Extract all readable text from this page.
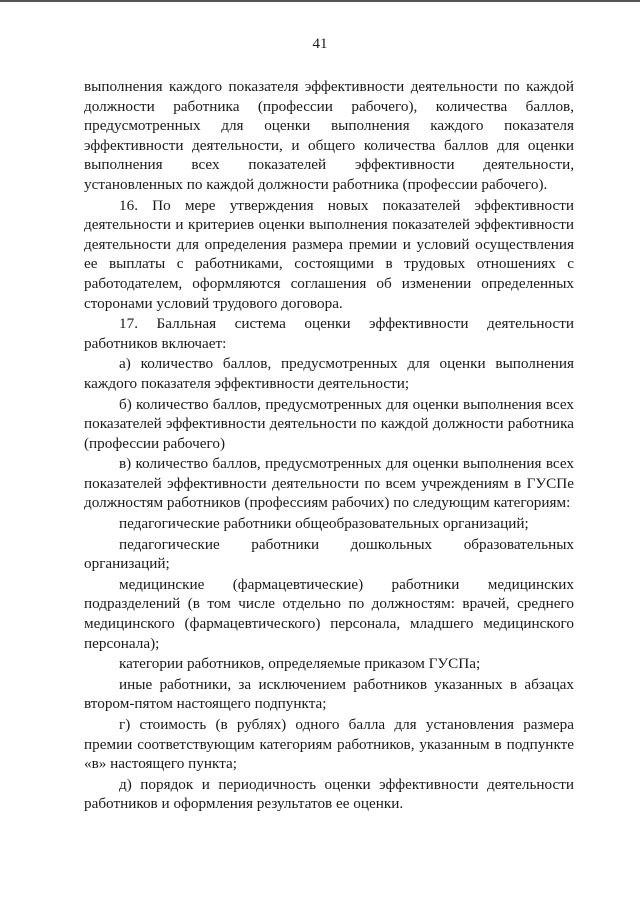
41

выполнения каждого показателя эффективности деятельности по каждой должности работника (профессии рабочего), количества баллов, предусмотренных для оценки выполнения каждого показателя эффективности деятельности, и общего количества баллов для оценки выполнения всех показателей эффективности деятельности, установленных по каждой должности работника (профессии рабочего).

16. По мере утверждения новых показателей эффективности деятельности и критериев оценки выполнения показателей эффективности деятельности для определения размера премии и условий осуществления ее выплаты с работниками, состоящими в трудовых отношениях с работодателем, оформляются соглашения об изменении определенных сторонами условий трудового договора.

17. Балльная система оценки эффективности деятельности работников включает:

а) количество баллов, предусмотренных для оценки выполнения каждого показателя эффективности деятельности;

б) количество баллов, предусмотренных для оценки выполнения всех показателей эффективности деятельности по каждой должности работника (профессии рабочего)

в) количество баллов, предусмотренных для оценки выполнения всех показателей эффективности деятельности по всем учреждениям в ГУСПе должностям работников (профессиям рабочих) по следующим категориям:

педагогические работники общеобразовательных организаций;

педагогические работники дошкольных образовательных организаций;

медицинские (фармацевтические) работники медицинских подразделений (в том числе отдельно по должностям: врачей, среднего медицинского (фармацевтического) персонала, младшего медицинского персонала);

категории работников, определяемые приказом ГУСПа;

иные работники, за исключением работников указанных в абзацах втором-пятом настоящего подпункта;

г) стоимость (в рублях) одного балла для установления размера премии соответствующим категориям работников, указанным в подпункте «в» настоящего пункта;

д) порядок и периодичность оценки эффективности деятельности работников и оформления результатов ее оценки.
